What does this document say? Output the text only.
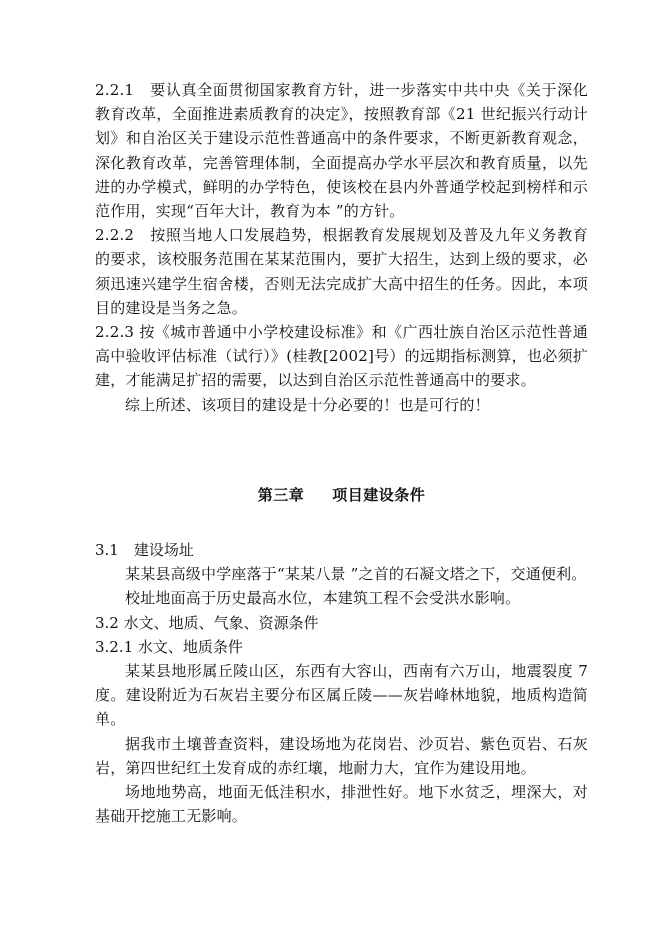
2.2.1　要认真全面贯彻国家教育方针，进一步落实中共中央《关于深化教育改革，全面推进素质教育的决定》，按照教育部《21 世纪振兴行动计划》和自治区关于建设示范性普通高中的条件要求，不断更新教育观念，深化教育改革，完善管理体制，全面提高办学水平层次和教育质量，以先进的办学模式，鲜明的办学特色，使该校在县内外普通学校起到榜样和示范作用，实现“百年大计，教育为本 ”的方针。

2.2.2　按照当地人口发展趋势，根据教育发展规划及普及九年义务教育的要求，该校服务范围在某某范围内，要扩大招生，达到上级的要求，必须迅速兴建学生宿舍楼，否则无法完成扩大高中招生的任务。因此，本项目的建设是当务之急。

2.2.3 按《城市普通中小学校建设标准》和《广西壮族自治区示范性普通高中验收评估标准（试行）》(桂教[2002]号）的远期指标测算，也必须扩建，才能满足扩招的需要，以达到自治区示范性普通高中的要求。

综上所述、该项目的建设是十分必要的！也是可行的！

第三章 项目建设条件

3.1　建设场址

某某县高级中学座落于“某某八景 ”之首的石凝文塔之下，交通便利。

校址地面高于历史最高水位，本建筑工程不会受洪水影响。

3.2 水文、地质、气象、资源条件

3.2.1 水文、地质条件

某某县地形属丘陵山区，东西有大容山，西南有六万山，地震裂度 7 度。建设附近为石灰岩主要分布区属丘陵——灰岩峰林地貌，地质构造简单。

据我市土壤普查资料，建设场地为花岗岩、沙页岩、紫色页岩、石灰岩，第四世纪红土发育成的赤红壤，地耐力大，宜作为建设用地。

场地地势高，地面无低洼积水，排泄性好。地下水贫乏，埋深大，对基础开挖施工无影响。
